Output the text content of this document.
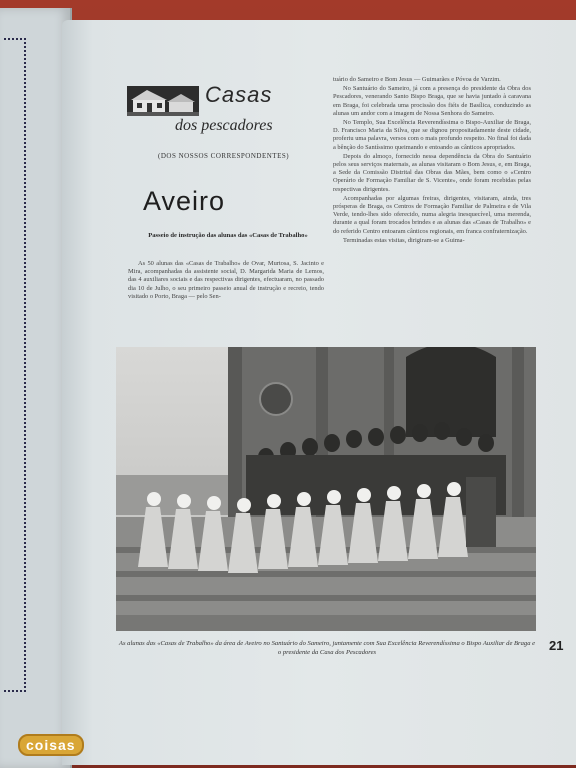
Casas
dos pescadores
(DOS NOSSOS CORRESPONDENTES)
Aveiro
Passeio de instrução das alunas das «Casas de Trabalho»

As 50 alunas das «Casas de Trabalho» de Ovar, Murtosa, S. Jacinto e Mira, acompanhadas da assistente social, D. Margarida Maria de Lemos, das 4 auxiliares sociais e das respectivas dirigentes, efectuaram, no passado dia 10 de Julho, o seu primeiro passeio anual de instrução e recreio, tendo visitado o Porto, Braga — pelo Sen-

tuário do Sameiro e Bom Jesus — Guimarães e Póvoa de Varzim.

No Santuário do Sameiro, já com a presença do presidente da Obra dos Pescadores, venerando Santo Bispo Braga, que se havia juntado à caravana em Braga, foi celebrada uma procissão dos fiéis de Basílica, conduzindo as alunas um andor com a imagem de Nossa Senhora do Sameiro.

No Templo, Sua Excelência Reverendíssima o Bispo-Auxiliar de Braga, D. Francisco Maria da Silva, que se dignou propositadamente deste cidade, proferiu uma palavra, versos com o mais profundo respeito. No final foi dada a bênção do Santíssimo queimando e entoando as cânticos apropriados.

Depois do almoço, fornecido nessa dependência da Obra do Santuário pelos seus serviços maternais, as alunas visitaram o Bom Jesus, e, em Braga, a Sede da Comissão Distrital das Obras das Mães, bem como o «Centro Operário de Formação Familiar de S. Vicente», onde foram recebidas pelas respectivas dirigentes.

Acompanhadas por algumas freiras, dirigentes, visitaram, ainda, tres prósperas de Braga, os Centros de Formação Familiar de Palmeira e de Vila Verde, tendo-lhes sido oferecido, numa alegria inesquecível, uma merenda, durante a qual foram trocados brindes e as alunas das «Casas de Trabalho» e do referido Centro entoaram cânticos regionais, em franca confraternização.

Terminadas estas visitas, dirigiram-se a Guima-

As alunas das «Casas de Trabalho» da área de Aveiro no Santuário do Sameiro, juntamente com Sua Excelência Reverendíssima o Bispo Auxiliar de Braga e o presidente da Casa dos Pescadores	21
coisas
